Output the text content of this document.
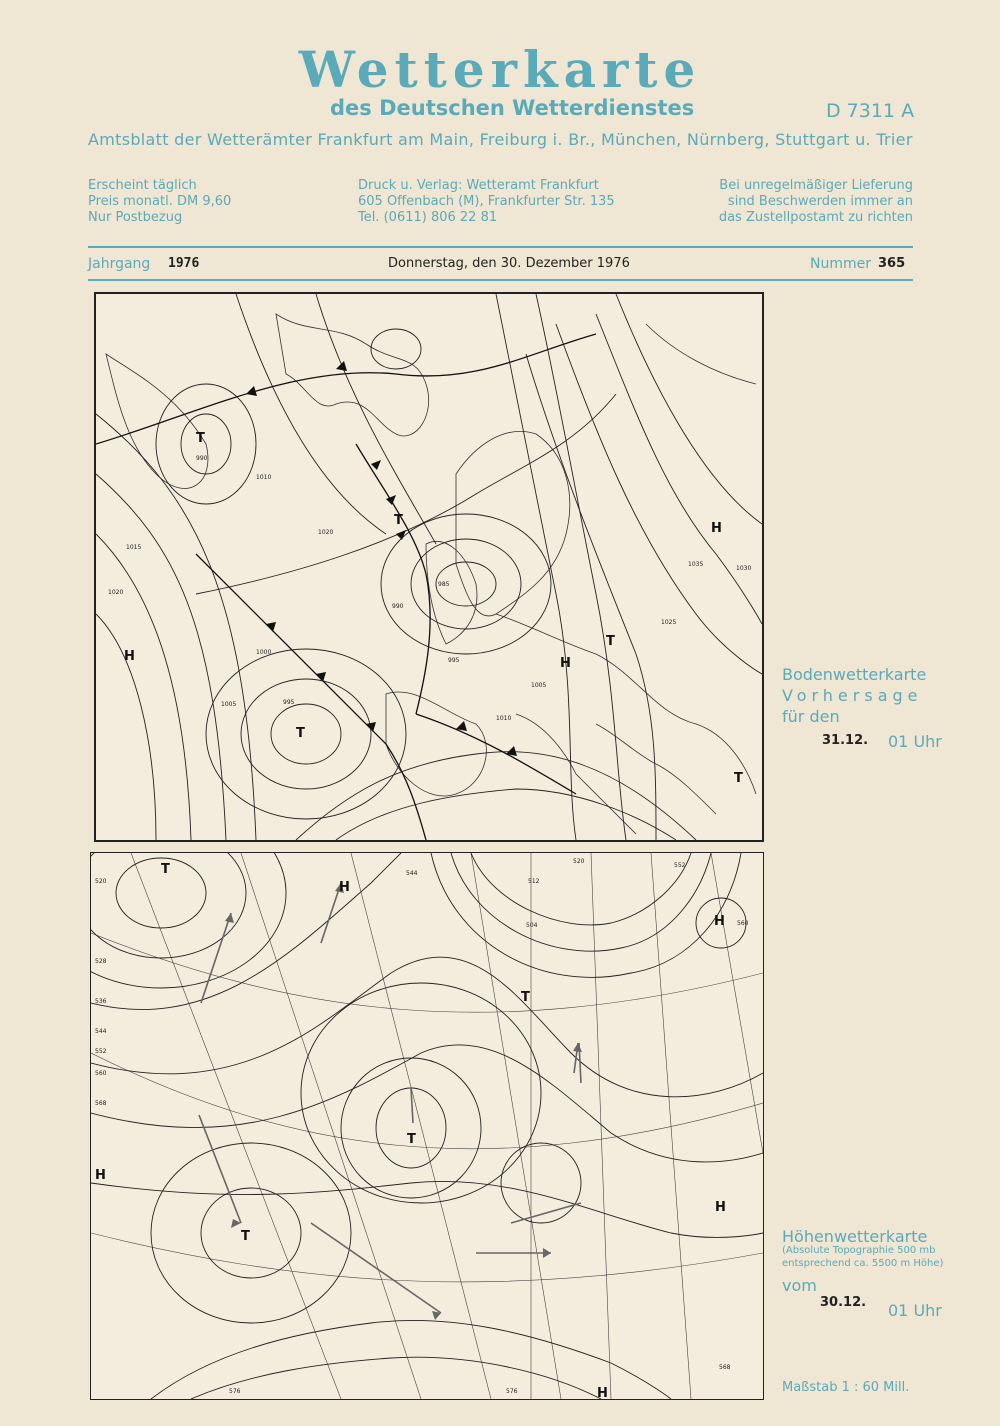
Wetterkarte
des Deutschen Wetterdienstes	D 7311 A
Amtsblatt der Wetterämter Frankfurt am Main, Freiburg i. Br., München, Nürnberg, Stuttgart u. Trier
Erscheint täglich
Preis monatl. DM 9,60
Nur Postbezug
Druck u. Verlag: Wetteramt Frankfurt
605 Offenbach (M), Frankfurter Str. 135
Tel. (0611) 806 22 81
Bei unregelmäßiger Lieferung
sind Beschwerden immer an
das Zustellpostamt zu richten
Jahrgang 1976	Donnerstag, den 30. Dezember 1976	Nummer 365
T
T
T
H
H	H
T
T
1020
1015
1010
1005
1000
995
990
985
1025
1030
1035
1020
990
1010
1005
995
Bodenwetterkarte
Vorhersage
für den
31.12. 01 Uhr
T
H
H
T
T
T
H
H
H
520
528
536
544
552
560
568
576
512
504
520
544
552
560
568
576
Höhenwetterkarte
(Absolute Topographie 500 mb
entsprechend ca. 5500 m Höhe)
vom
30.12. 01 Uhr
Maßstab 1 : 60 Mill.
